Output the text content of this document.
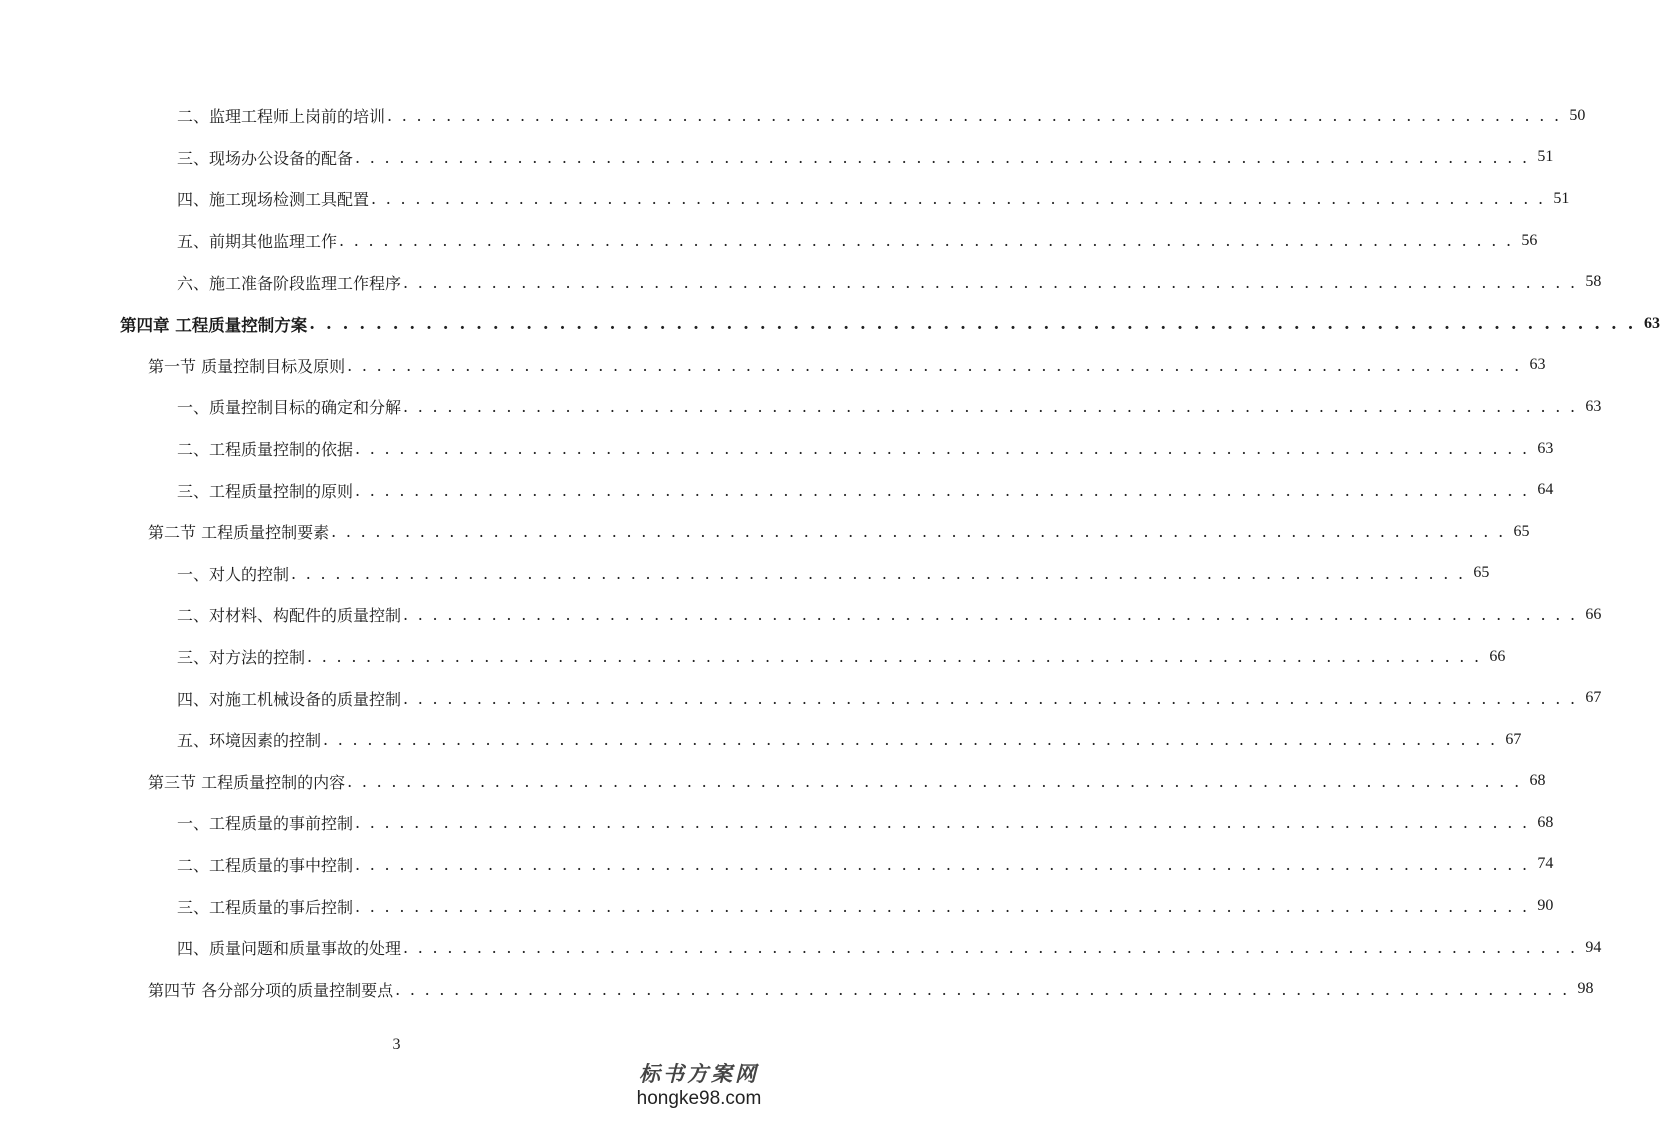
二、监理工程师上岗前的培训 . . . . . . . . . . . . . . . . . . . . . . . . . . . . . . . . . . . . . . . . . . . . . . . . . . . . . . . . . . . . . . . . . . . . . . . . . . . . . . . . 50
三、现场办公设备的配备 . . . . . . . . . . . . . . . . . . . . . . . . . . . . . . . . . . . . . . . . . . . . . . . . . . . . . . . . . . . . . . . . . . . . . . . . . . . . . . . . 51
四、施工现场检测工具配置 . . . . . . . . . . . . . . . . . . . . . . . . . . . . . . . . . . . . . . . . . . . . . . . . . . . . . . . . . . . . . . . . . . . . . . . . . . . . . . . . 51
五、前期其他监理工作 . . . . . . . . . . . . . . . . . . . . . . . . . . . . . . . . . . . . . . . . . . . . . . . . . . . . . . . . . . . . . . . . . . . . . . . . . . . . . . . . 56
六、施工准备阶段监理工作程序 . . . . . . . . . . . . . . . . . . . . . . . . . . . . . . . . . . . . . . . . . . . . . . . . . . . . . . . . . . . . . . . . . . . . . . . . . . . . . . . . 58
第四章 工程质量控制方案 . . . . . . . . . . . . . . . . . . . . . . . . . . . . . . . . . . . . . . . . . . . . . . . . . . . . . . . . . . . . . . . . . . . . . . . . . . . . . . . . 63
第一节 质量控制目标及原则 . . . . . . . . . . . . . . . . . . . . . . . . . . . . . . . . . . . . . . . . . . . . . . . . . . . . . . . . . . . . . . . . . . . . . . . . . . . . . . . . 63
一、质量控制目标的确定和分解 . . . . . . . . . . . . . . . . . . . . . . . . . . . . . . . . . . . . . . . . . . . . . . . . . . . . . . . . . . . . . . . . . . . . . . . . . . . . . . . . 63
二、工程质量控制的依据 . . . . . . . . . . . . . . . . . . . . . . . . . . . . . . . . . . . . . . . . . . . . . . . . . . . . . . . . . . . . . . . . . . . . . . . . . . . . . . . . 63
三、工程质量控制的原则 . . . . . . . . . . . . . . . . . . . . . . . . . . . . . . . . . . . . . . . . . . . . . . . . . . . . . . . . . . . . . . . . . . . . . . . . . . . . . . . . 64
第二节 工程质量控制要素 . . . . . . . . . . . . . . . . . . . . . . . . . . . . . . . . . . . . . . . . . . . . . . . . . . . . . . . . . . . . . . . . . . . . . . . . . . . . . . . . 65
一、对人的控制 . . . . . . . . . . . . . . . . . . . . . . . . . . . . . . . . . . . . . . . . . . . . . . . . . . . . . . . . . . . . . . . . . . . . . . . . . . . . . . . . 65
二、对材料、构配件的质量控制 . . . . . . . . . . . . . . . . . . . . . . . . . . . . . . . . . . . . . . . . . . . . . . . . . . . . . . . . . . . . . . . . . . . . . . . . . . . . . . . . 66
三、对方法的控制 . . . . . . . . . . . . . . . . . . . . . . . . . . . . . . . . . . . . . . . . . . . . . . . . . . . . . . . . . . . . . . . . . . . . . . . . . . . . . . . . 66
四、对施工机械设备的质量控制 . . . . . . . . . . . . . . . . . . . . . . . . . . . . . . . . . . . . . . . . . . . . . . . . . . . . . . . . . . . . . . . . . . . . . . . . . . . . . . . . 67
五、环境因素的控制 . . . . . . . . . . . . . . . . . . . . . . . . . . . . . . . . . . . . . . . . . . . . . . . . . . . . . . . . . . . . . . . . . . . . . . . . . . . . . . . . 67
第三节 工程质量控制的内容 . . . . . . . . . . . . . . . . . . . . . . . . . . . . . . . . . . . . . . . . . . . . . . . . . . . . . . . . . . . . . . . . . . . . . . . . . . . . . . . . 68
一、工程质量的事前控制 . . . . . . . . . . . . . . . . . . . . . . . . . . . . . . . . . . . . . . . . . . . . . . . . . . . . . . . . . . . . . . . . . . . . . . . . . . . . . . . . 68
二、工程质量的事中控制 . . . . . . . . . . . . . . . . . . . . . . . . . . . . . . . . . . . . . . . . . . . . . . . . . . . . . . . . . . . . . . . . . . . . . . . . . . . . . . . . 74
三、工程质量的事后控制 . . . . . . . . . . . . . . . . . . . . . . . . . . . . . . . . . . . . . . . . . . . . . . . . . . . . . . . . . . . . . . . . . . . . . . . . . . . . . . . . 90
四、质量问题和质量事故的处理 . . . . . . . . . . . . . . . . . . . . . . . . . . . . . . . . . . . . . . . . . . . . . . . . . . . . . . . . . . . . . . . . . . . . . . . . . . . . . . . . 94
第四节 各分部分项的质量控制要点 . . . . . . . . . . . . . . . . . . . . . . . . . . . . . . . . . . . . . . . . . . . . . . . . . . . . . . . . . . . . . . . . . . . . . . . . . . . . . . . . 98
3
标书方案网
hongke98.com
